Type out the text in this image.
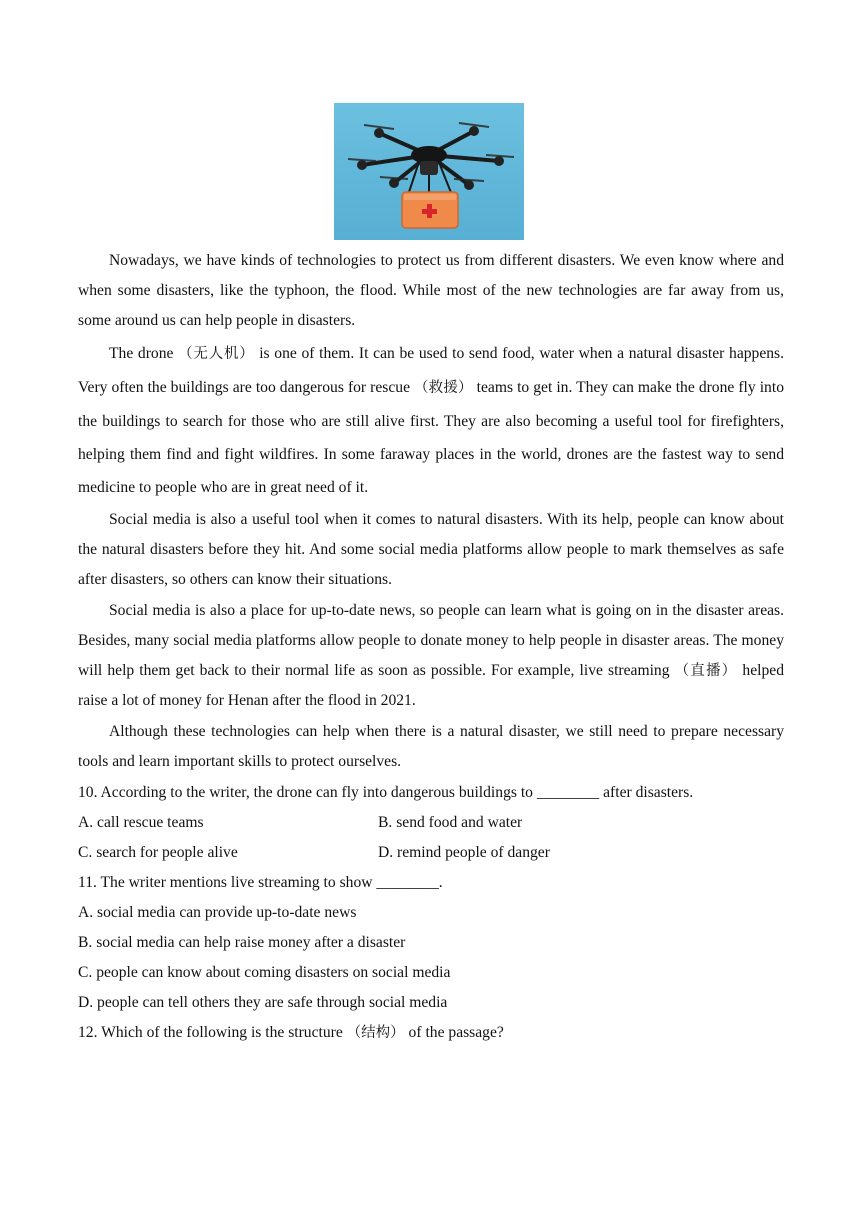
Nowadays, we have kinds of technologies to protect us from different disasters. We even know where and when some disasters, like the typhoon, the flood. While most of the new technologies are far away from us, some around us can help people in disasters.

The drone （无人机） is one of them. It can be used to send food, water when a natural disaster happens. Very often the buildings are too dangerous for rescue （救援） teams to get in. They can make the drone fly into the buildings to search for those who are still alive first. They are also becoming a useful tool for firefighters, helping them find and fight wildfires. In some faraway places in the world, drones are the fastest way to send medicine to people who are in great need of it.

Social media is also a useful tool when it comes to natural disasters. With its help, people can know about the natural disasters before they hit. And some social media platforms allow people to mark themselves as safe after disasters, so others can know their situations.

Social media is also a place for up-to-date news, so people can learn what is going on in the disaster areas. Besides, many social media platforms allow people to donate money to help people in disaster areas. The money will help them get back to their normal life as soon as possible. For example, live streaming （直播） helped raise a lot of money for Henan after the flood in 2021.

Although these technologies can help when there is a natural disaster, we still need to prepare necessary tools and learn important skills to protect ourselves.

10. According to the writer, the drone can fly into dangerous buildings to ________ after disasters.

A. call rescue teams	B. send food and water

C. search for people alive	D. remind people of danger

11. The writer mentions live streaming to show ________.

A. social media can provide up-to-date news

B. social media can help raise money after a disaster

C. people can know about coming disasters on social media

D. people can tell others they are safe through social media

12. Which of the following is the structure （结构） of the passage?
